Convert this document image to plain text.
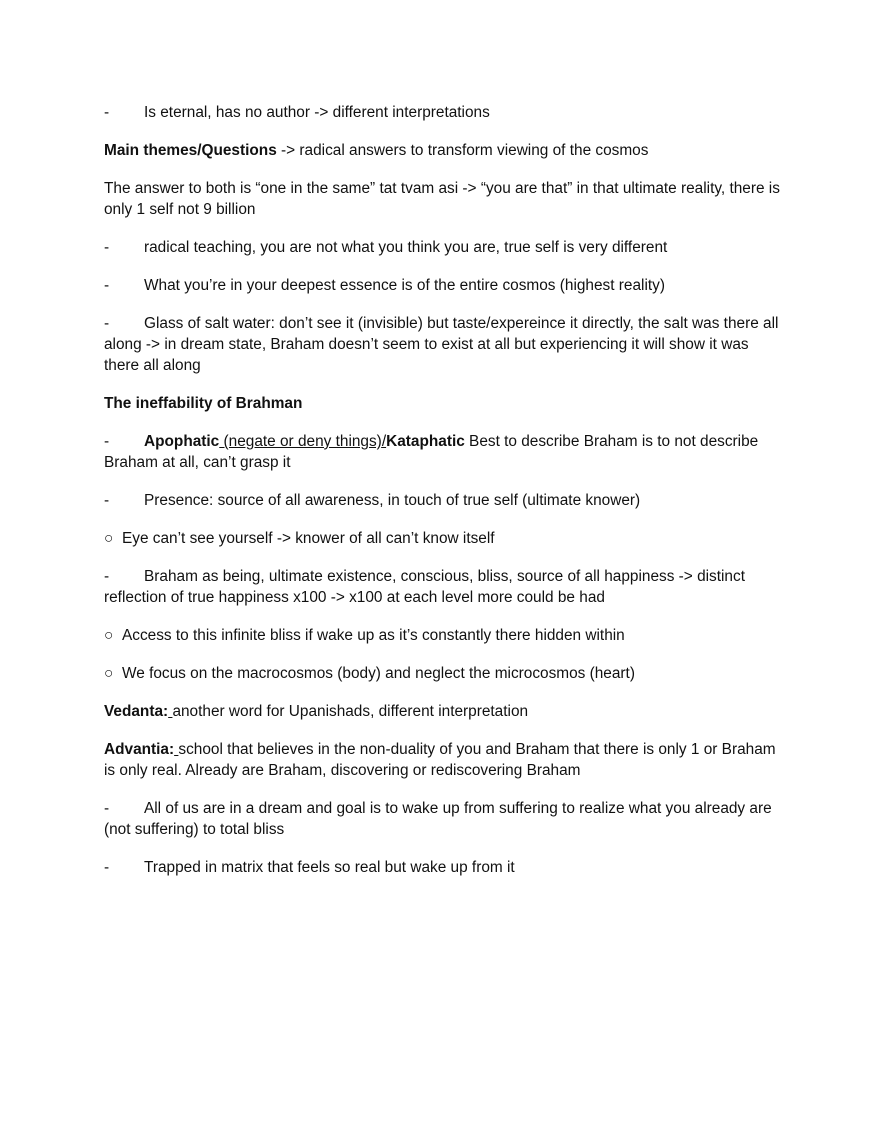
- Is eternal, has no author -> different interpretations

Main themes/Questions -> radical answers to transform viewing of the cosmos

The answer to both is “one in the same” tat tvam asi -> “you are that” in that ultimate reality, there is only 1 self not 9 billion

- radical teaching, you are not what you think you are, true self is very different

- What you’re in your deepest essence is of the entire cosmos (highest reality)

- Glass of salt water: don’t see it (invisible) but taste/expereince it directly, the salt was there all along -> in dream state, Braham doesn’t seem to exist at all but experiencing it will show it was there all along

The ineffability of Brahman

- Apophatic (negate or deny things)/Kataphatic Best to describe Braham is to not describe Braham at all, can’t grasp it

- Presence: source of all awareness, in touch of true self (ultimate knower)

○ Eye can’t see yourself -> knower of all can’t know itself

- Braham as being, ultimate existence, conscious, bliss, source of all happiness -> distinct reflection of true happiness x100 -> x100 at each level more could be had

○ Access to this infinite bliss if wake up as it’s constantly there hidden within

○ We focus on the macrocosmos (body) and neglect the microcosmos (heart)

Vedanta: another word for Upanishads, different interpretation

Advantia: school that believes in the non-duality of you and Braham that there is only 1 or Braham is only real. Already are Braham, discovering or rediscovering Braham

- All of us are in a dream and goal is to wake up from suffering to realize what you already are (not suffering) to total bliss

- Trapped in matrix that feels so real but wake up from it
